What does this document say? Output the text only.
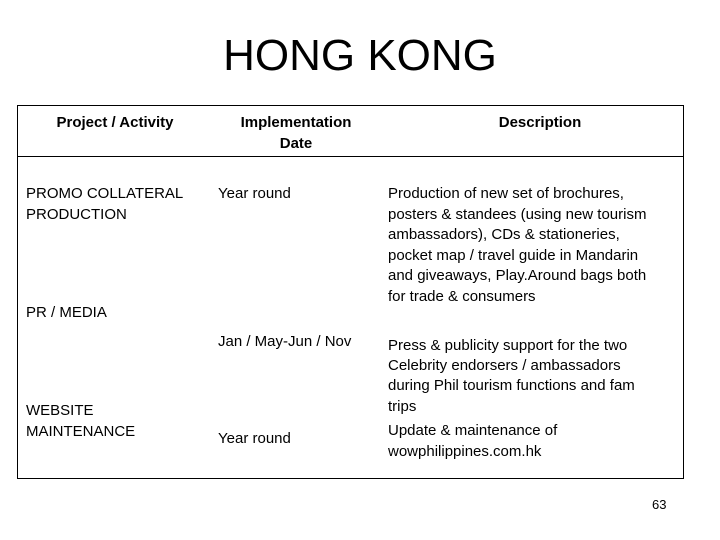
HONG KONG
Project / Activity	Implementation
Date
Description
PROMO COLLATERAL
PRODUCTION
PR / MEDIA
WEBSITE
MAINTENANCE
Year round
Jan / May-Jun / Nov
Year round
Production of new set of brochures,
posters & standees (using new tourism
ambassadors), CDs & stationeries,
pocket map / travel guide in Mandarin
and giveaways, Play.Around bags both
for trade & consumers
Press & publicity support for the two
Celebrity endorsers / ambassadors
during Phil tourism functions and fam
trips
Update & maintenance of
wowphilippines.com.hk
63
